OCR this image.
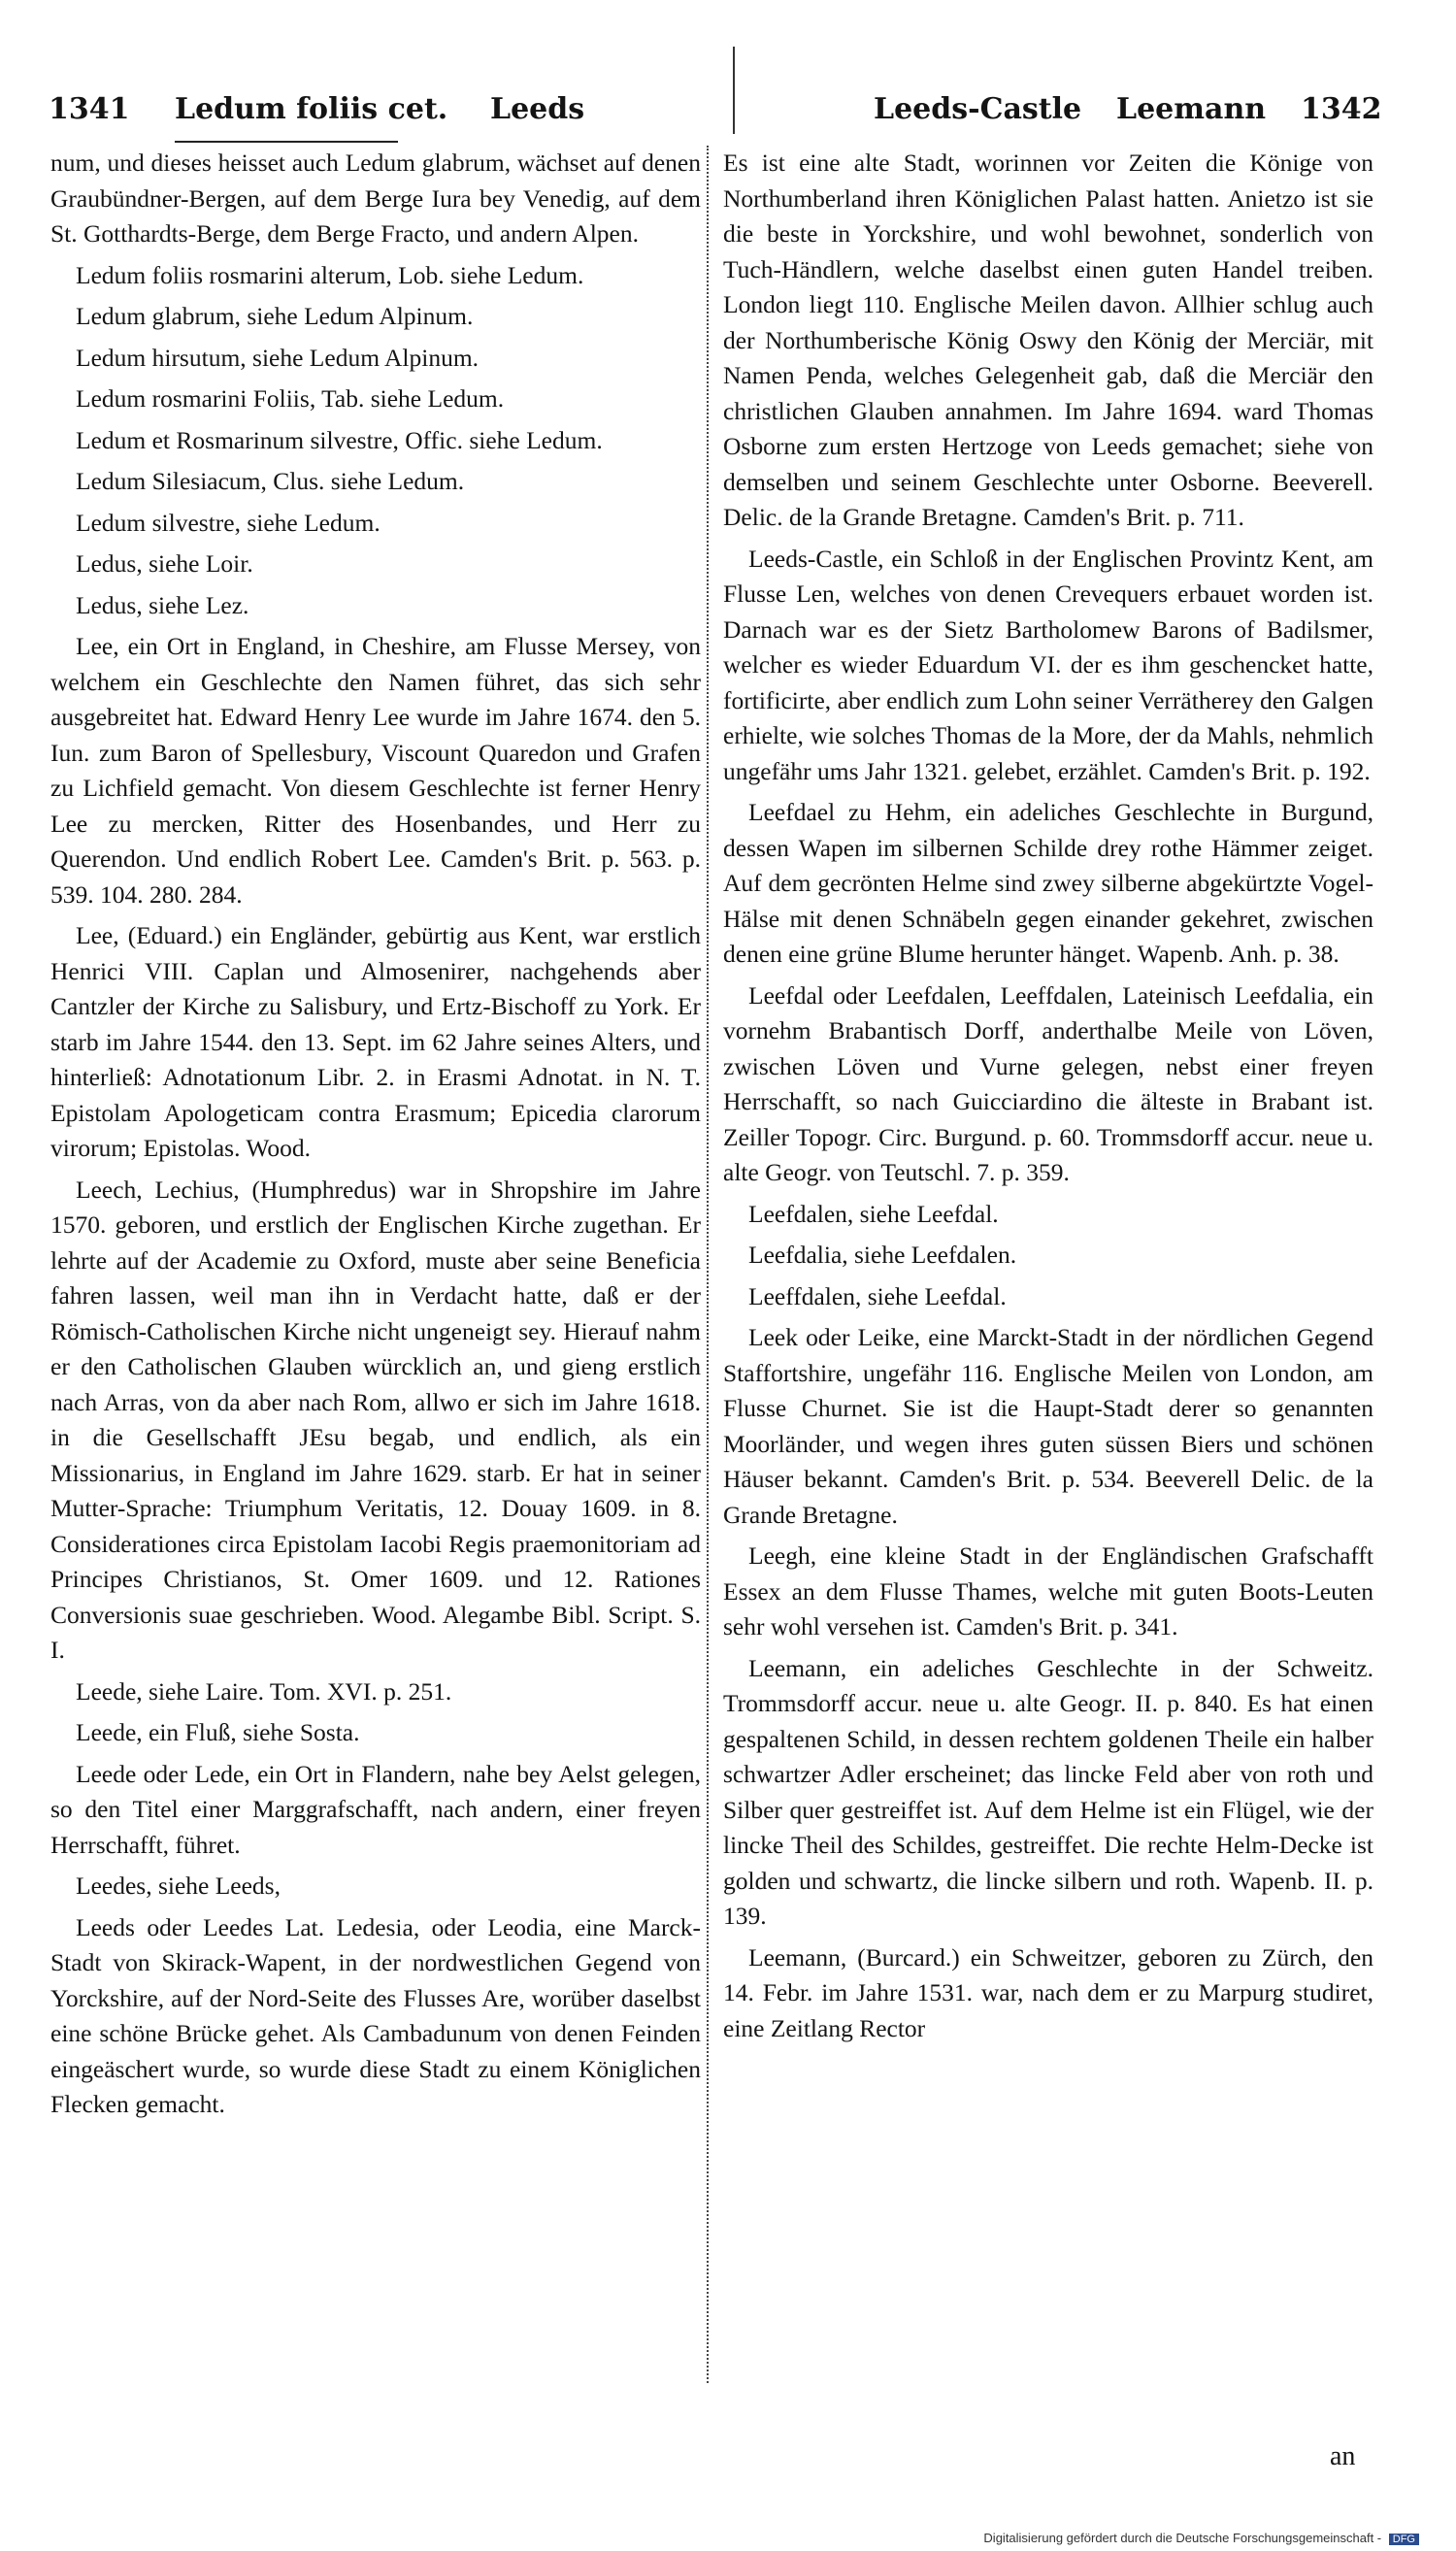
1341 Ledum foliis cet. Leeds	Leeds-Castle Leemann 1342

num, und dieses heisset auch Ledum glabrum, wächset auf denen Graubündner-Bergen, auf dem Berge Iura bey Venedig, auf dem St. Gotthardts-Berge, dem Berge Fracto, und andern Alpen.

Ledum foliis rosmarini alterum, Lob. siehe Ledum.

Ledum glabrum, siehe Ledum Alpinum.

Ledum hirsutum, siehe Ledum Alpinum.

Ledum rosmarini Foliis, Tab. siehe Ledum.

Ledum et Rosmarinum silvestre, Offic. siehe Ledum.

Ledum Silesiacum, Clus. siehe Ledum.

Ledum silvestre, siehe Ledum.

Ledus, siehe Loir.

Ledus, siehe Lez.

Lee, ein Ort in England, in Cheshire, am Flusse Mersey, von welchem ein Geschlechte den Namen führet, das sich sehr ausgebreitet hat. Edward Henry Lee wurde im Jahre 1674. den 5. Iun. zum Baron of Spellesbury, Viscount Quaredon und Grafen zu Lichfield gemacht. Von diesem Geschlechte ist ferner Henry Lee zu mercken, Ritter des Hosenbandes, und Herr zu Querendon. Und endlich Robert Lee. Camden's Brit. p. 563. p. 539. 104. 280. 284.

Lee, (Eduard.) ein Engländer, gebürtig aus Kent, war erstlich Henrici VIII. Caplan und Almosenirer, nachgehends aber Cantzler der Kirche zu Salisbury, und Ertz-Bischoff zu York. Er starb im Jahre 1544. den 13. Sept. im 62 Jahre seines Alters, und hinterließ: Adnotationum Libr. 2. in Erasmi Adnotat. in N. T. Epistolam Apologeticam contra Erasmum; Epicedia clarorum virorum; Epistolas. Wood.

Leech, Lechius, (Humphredus) war in Shropshire im Jahre 1570. geboren, und erstlich der Englischen Kirche zugethan. Er lehrte auf der Academie zu Oxford, muste aber seine Beneficia fahren lassen, weil man ihn in Verdacht hatte, daß er der Römisch-Catholischen Kirche nicht ungeneigt sey. Hierauf nahm er den Catholischen Glauben würcklich an, und gieng erstlich nach Arras, von da aber nach Rom, allwo er sich im Jahre 1618. in die Gesellschafft JEsu begab, und endlich, als ein Missionarius, in England im Jahre 1629. starb. Er hat in seiner Mutter-Sprache: Triumphum Veritatis, 12. Douay 1609. in 8. Considerationes circa Epistolam Iacobi Regis praemonitoriam ad Principes Christianos, St. Omer 1609. und 12. Rationes Conversionis suae geschrieben. Wood. Alegambe Bibl. Script. S. I.

Leede, siehe Laire. Tom. XVI. p. 251.

Leede, ein Fluß, siehe Sosta.

Leede oder Lede, ein Ort in Flandern, nahe bey Aelst gelegen, so den Titel einer Marggrafschafft, nach andern, einer freyen Herrschafft, führet.

Leedes, siehe Leeds,

Leeds oder Leedes Lat. Ledesia, oder Leodia, eine Marck-Stadt von Skirack-Wapent, in der nordwestlichen Gegend von Yorckshire, auf der Nord-Seite des Flusses Are, worüber daselbst eine schöne Brücke gehet. Als Cambadunum von denen Feinden eingeäschert wurde, so wurde diese Stadt zu einem Königlichen Flecken gemacht.

Es ist eine alte Stadt, worinnen vor Zeiten die Könige von Northumberland ihren Königlichen Palast hatten. Anietzo ist sie die beste in Yorckshire, und wohl bewohnet, sonderlich von Tuch-Händlern, welche daselbst einen guten Handel treiben. London liegt 110. Englische Meilen davon. Allhier schlug auch der Northumberische König Oswy den König der Merciär, mit Namen Penda, welches Gelegenheit gab, daß die Merciär den christlichen Glauben annahmen. Im Jahre 1694. ward Thomas Osborne zum ersten Hertzoge von Leeds gemachet; siehe von demselben und seinem Geschlechte unter Osborne. Beeverell. Delic. de la Grande Bretagne. Camden's Brit. p. 711.

Leeds-Castle, ein Schloß in der Englischen Provintz Kent, am Flusse Len, welches von denen Crevequers erbauet worden ist. Darnach war es der Sietz Bartholomew Barons of Badilsmer, welcher es wieder Eduardum VI. der es ihm geschencket hatte, fortificirte, aber endlich zum Lohn seiner Verrätherey den Galgen erhielte, wie solches Thomas de la More, der da Mahls, nehmlich ungefähr ums Jahr 1321. gelebet, erzählet. Camden's Brit. p. 192.

Leefdael zu Hehm, ein adeliches Geschlechte in Burgund, dessen Wapen im silbernen Schilde drey rothe Hämmer zeiget. Auf dem gecrönten Helme sind zwey silberne abgekürtzte Vogel-Hälse mit denen Schnäbeln gegen einander gekehret, zwischen denen eine grüne Blume herunter hänget. Wapenb. Anh. p. 38.

Leefdal oder Leefdalen, Leeffdalen, Lateinisch Leefdalia, ein vornehm Brabantisch Dorff, anderthalbe Meile von Löven, zwischen Löven und Vurne gelegen, nebst einer freyen Herrschafft, so nach Guicciardino die älteste in Brabant ist. Zeiller Topogr. Circ. Burgund. p. 60. Trommsdorff accur. neue u. alte Geogr. von Teutschl. 7. p. 359.

Leefdalen, siehe Leefdal.

Leefdalia, siehe Leefdalen.

Leeffdalen, siehe Leefdal.

Leek oder Leike, eine Marckt-Stadt in der nördlichen Gegend Staffortshire, ungefähr 116. Englische Meilen von London, am Flusse Churnet. Sie ist die Haupt-Stadt derer so genannten Moorländer, und wegen ihres guten süssen Biers und schönen Häuser bekannt. Camden's Brit. p. 534. Beeverell Delic. de la Grande Bretagne.

Leegh, eine kleine Stadt in der Engländischen Grafschafft Essex an dem Flusse Thames, welche mit guten Boots-Leuten sehr wohl versehen ist. Camden's Brit. p. 341.

Leemann, ein adeliches Geschlechte in der Schweitz. Trommsdorff accur. neue u. alte Geogr. II. p. 840. Es hat einen gespaltenen Schild, in dessen rechtem goldenen Theile ein halber schwartzer Adler erscheinet; das lincke Feld aber von roth und Silber quer gestreiffet ist. Auf dem Helme ist ein Flügel, wie der lincke Theil des Schildes, gestreiffet. Die rechte Helm-Decke ist golden und schwartz, die lincke silbern und roth. Wapenb. II. p. 139.

Leemann, (Burcard.) ein Schweitzer, geboren zu Zürch, den 14. Febr. im Jahre 1531. war, nach dem er zu Marpurg studiret, eine Zeitlang Rector

an
Digitalisierung gefördert durch die Deutsche Forschungsgemeinschaft - DFG
